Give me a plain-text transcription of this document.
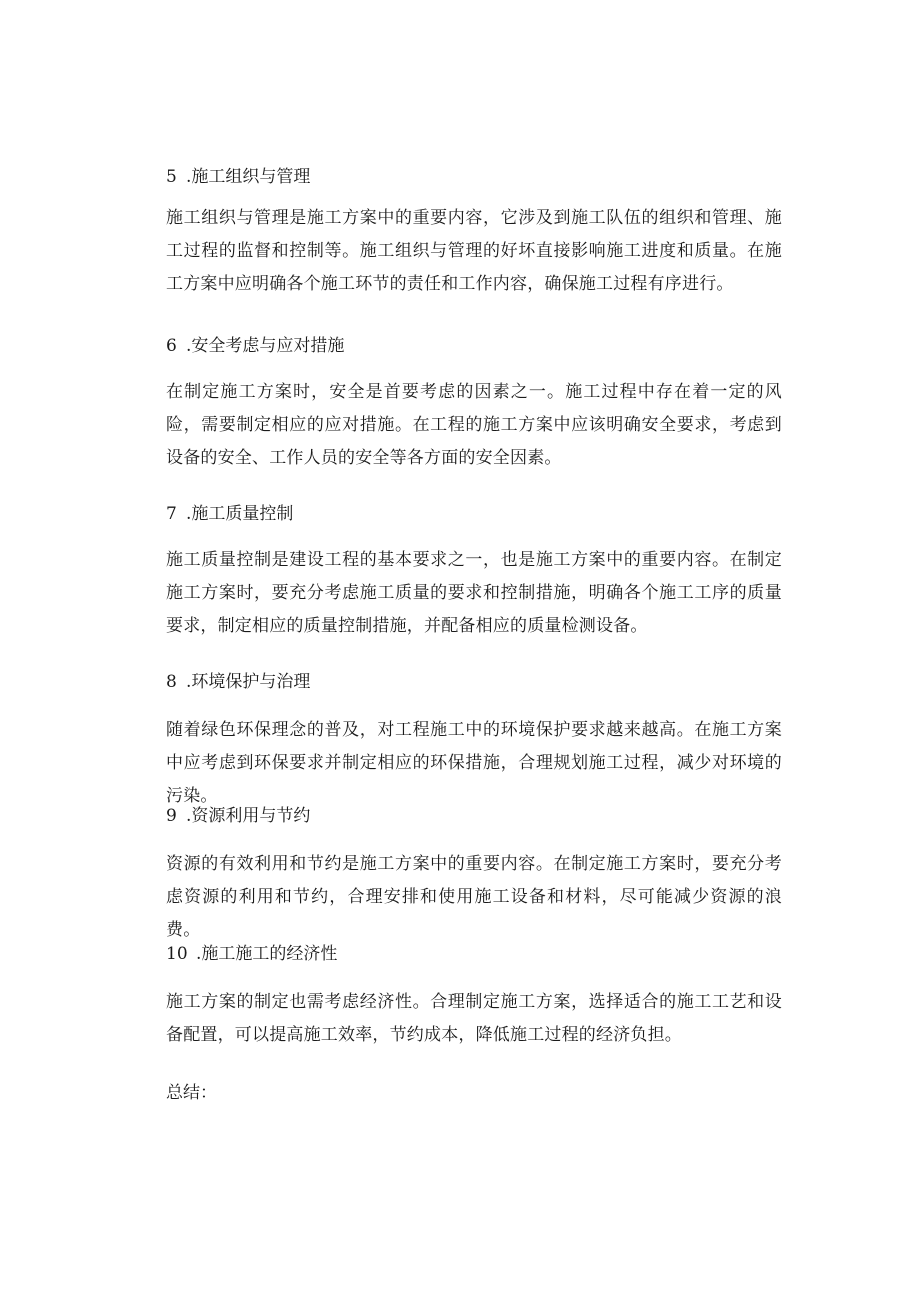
5 .施工组织与管理

施工组织与管理是施工方案中的重要内容，它涉及到施工队伍的组织和管理、施工过程的监督和控制等。施工组织与管理的好坏直接影响施工进度和质量。在施工方案中应明确各个施工环节的责任和工作内容，确保施工过程有序进行。

6 .安全考虑与应对措施

在制定施工方案时，安全是首要考虑的因素之一。施工过程中存在着一定的风险，需要制定相应的应对措施。在工程的施工方案中应该明确安全要求，考虑到设备的安全、工作人员的安全等各方面的安全因素。

7 .施工质量控制

施工质量控制是建设工程的基本要求之一，也是施工方案中的重要内容。在制定施工方案时，要充分考虑施工质量的要求和控制措施，明确各个施工工序的质量要求，制定相应的质量控制措施，并配备相应的质量检测设备。

8 .环境保护与治理

随着绿色环保理念的普及，对工程施工中的环境保护要求越来越高。在施工方案中应考虑到环保要求并制定相应的环保措施，合理规划施工过程，减少对环境的污染。

9 .资源利用与节约

资源的有效利用和节约是施工方案中的重要内容。在制定施工方案时，要充分考虑资源的利用和节约，合理安排和使用施工设备和材料，尽可能减少资源的浪费。

10 .施工施工的经济性

施工方案的制定也需考虑经济性。合理制定施工方案，选择适合的施工工艺和设备配置，可以提高施工效率，节约成本，降低施工过程的经济负担。

总结：
